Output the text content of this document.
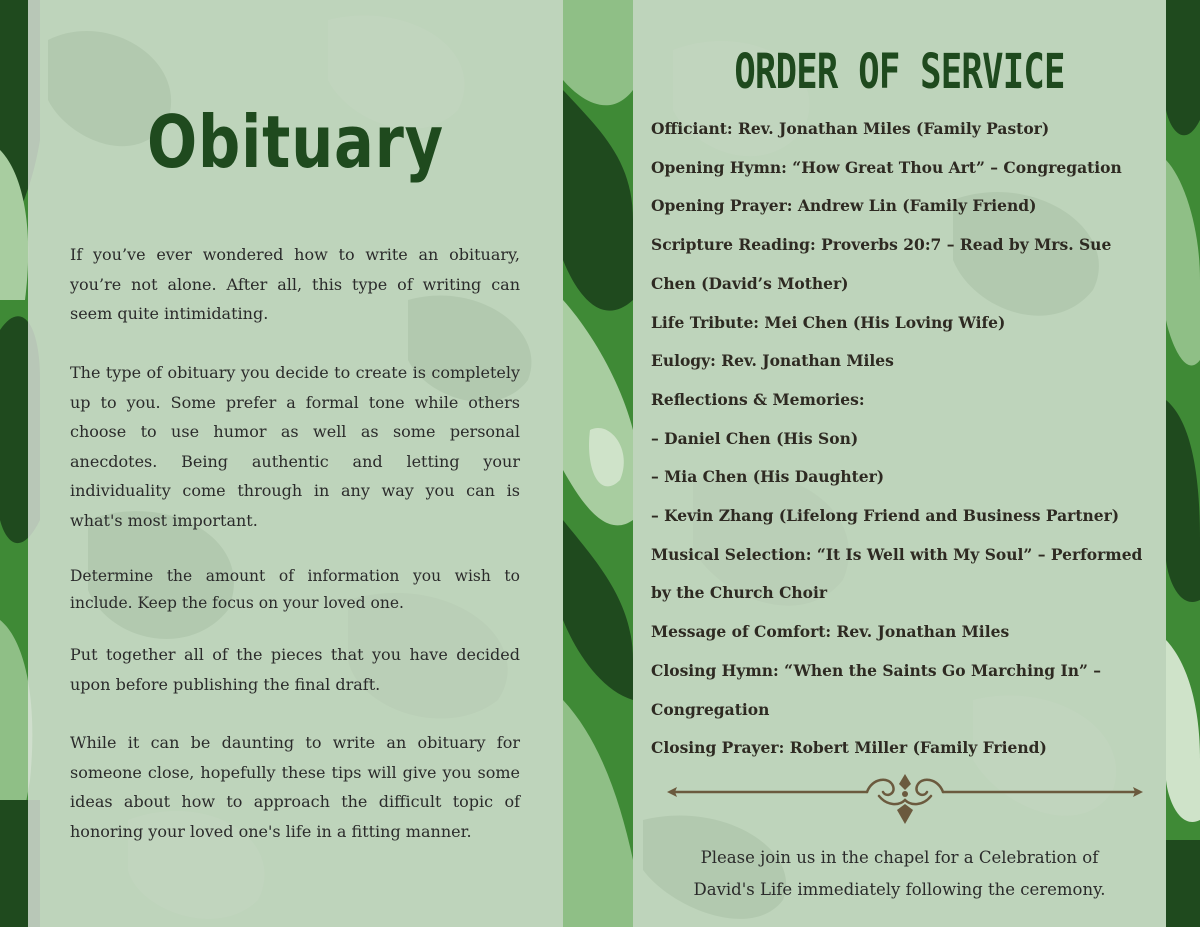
Obituary

If you’ve ever wondered how to write an obituary, you’re not alone. After all, this type of writing can seem quite intimidating.

The type of obituary you decide to create is completely up to you. Some prefer a formal tone while others choose to use humor as well as some personal anecdotes. Being authentic and letting your individuality come through in any way you can is what's most important.

Determine the amount of information you wish to include. Keep the focus on your loved one.

Put together all of the pieces that you have decided upon before publishing the final draft.

While it can be daunting to write an obituary for someone close, hopefully these tips will give you some ideas about how to approach the difficult topic of honoring your loved one's life in a fitting manner.

ORDER OF SERVICE
Officiant: Rev. Jonathan Miles (Family Pastor)
Opening Hymn: “How Great Thou Art” – Congregation
Opening Prayer: Andrew Lin (Family Friend)
Scripture Reading: Proverbs 20:7 – Read by Mrs. Sue
Chen (David’s Mother)
Life Tribute: Mei Chen (His Loving Wife)
Eulogy: Rev. Jonathan Miles
Reflections & Memories:
– Daniel Chen (His Son)
– Mia Chen (His Daughter)
– Kevin Zhang (Lifelong Friend and Business Partner)
Musical Selection: “It Is Well with My Soul” – Performed
by the Church Choir
Message of Comfort: Rev. Jonathan Miles
Closing Hymn: “When the Saints Go Marching In” –
Congregation
Closing Prayer: Robert Miller (Family Friend)
Please join us in the chapel for a Celebration of
David's Life immediately following the ceremony.
